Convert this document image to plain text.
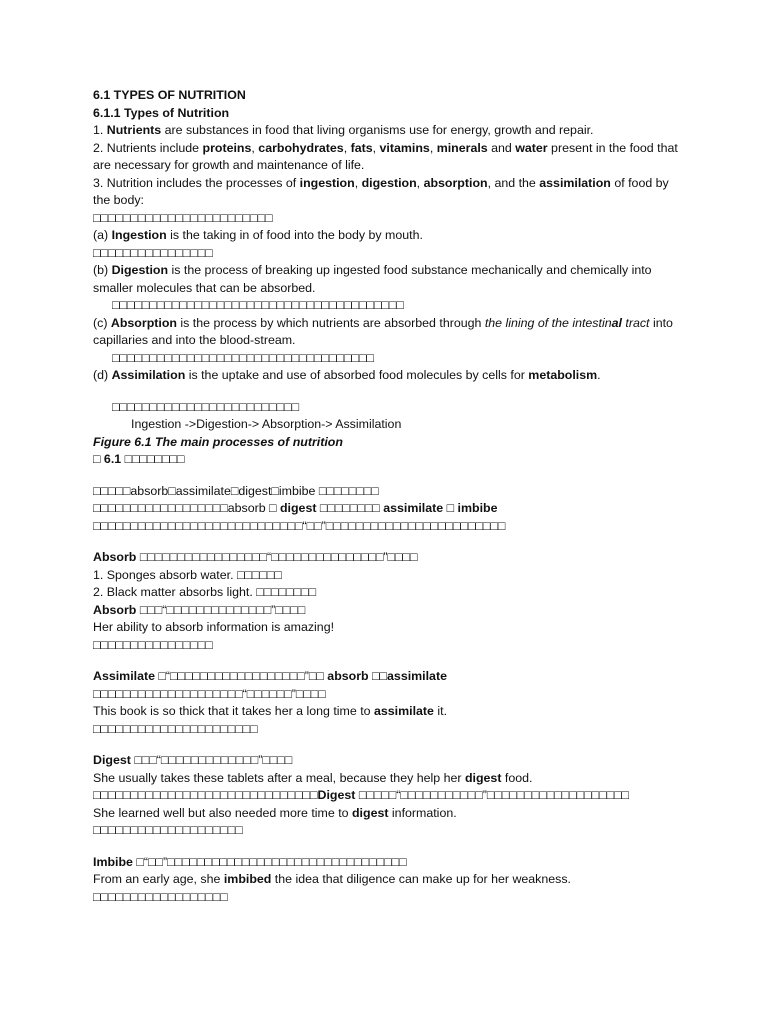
6.1 TYPES OF NUTRITION
6.1.1 Types of Nutrition
1. Nutrients are substances in food that living organisms use for energy, growth and repair.
2. Nutrients include proteins, carbohydrates, fats, vitamins, minerals and water present in the food that are necessary for growth and maintenance of life.
3. Nutrition includes the processes of ingestion, digestion, absorption, and the assimilation of food by the body:
□□□□□□□□□□□□□□□□□□□□□□□□
(a) Ingestion is the taking in of food into the body by mouth.
□□□□□□□□□□□□□□□□
(b) Digestion is the process of breaking up ingested food substance mechanically and chemically into smaller molecules that can be absorbed.
□□□□□□□□□□□□□□□□□□□□□□□□□□□□□□□□□□□□□□□
(c) Absorption is the process by which nutrients are absorbed through the lining of the intestinal tract into capillaries and into the blood-stream.
□□□□□□□□□□□□□□□□□□□□□□□□□□□□□□□□□□□
(d) Assimilation is the uptake and use of absorbed food molecules by cells for metabolism.
□□□□□□□□□□□□□□□□□□□□□□□□□
Ingestion ->Digestion-> Absorption-> Assimilation
Figure 6.1 The main processes of nutrition
□ 6.1 □□□□□□□□
□□□□□absorb□assimilate□digest□imbibe □□□□□□□□
□□□□□□□□□□□□□□□□□□absorb □ digest □□□□□□□□ assimilate □ imbibe □□□□□□□□□□□□□□□□□□□□□□□□□□□□“□□”□□□□□□□□□□□□□□□□□□□□□□□□
Absorb □□□□□□□□□□□□□□□□□“□□□□□□□□□□□□□□□”□□□□
1. Sponges absorb water. □□□□□□
2. Black matter absorbs light. □□□□□□□□
Absorb □□□“□□□□□□□□□□□□□□”□□□□
Her ability to absorb information is amazing!
□□□□□□□□□□□□□□□□
Assimilate □“□□□□□□□□□□□□□□□□□□”□□ absorb □□assimilate □□□□□□□□□□□□□□□□□□□□“□□□□□□”□□□□
This book is so thick that it takes her a long time to assimilate it.
□□□□□□□□□□□□□□□□□□□□□□
Digest □□□“□□□□□□□□□□□□□”□□□□
She usually takes these tablets after a meal, because they help her digest food.
□□□□□□□□□□□□□□□□□□□□□□□□□□□□□□Digest □□□□□“□□□□□□□□□□□”□□□□□□□□□□□□□□□□□□□
She learned well but also needed more time to digest information.
□□□□□□□□□□□□□□□□□□□□
Imbibe □“□□”□□□□□□□□□□□□□□□□□□□□□□□□□□□□□□□□
From an early age, she imbibed the idea that diligence can make up for her weakness.
□□□□□□□□□□□□□□□□□□
